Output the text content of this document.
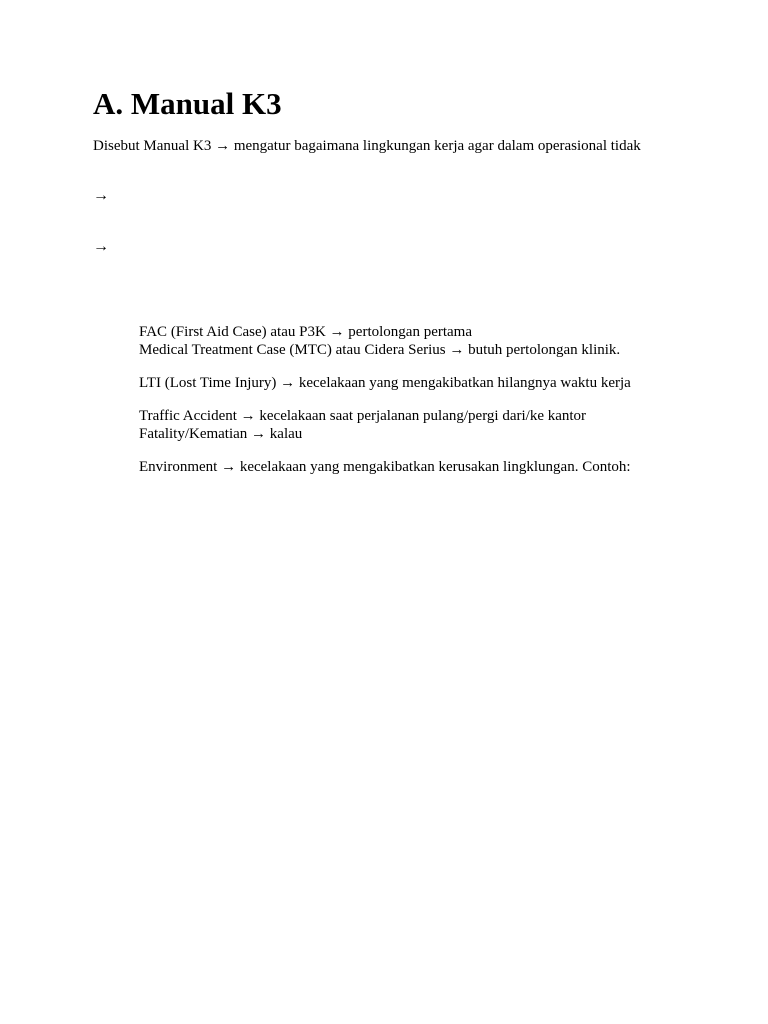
A. Manual K3

Disebut Manual K3 → mengatur bagaimana lingkungan kerja agar dalam operasional tidak

→

→

FAC (First Aid Case) atau P3K → pertolongan pertama

Medical Treatment Case (MTC) atau Cidera Serius → butuh pertolongan klinik.

LTI (Lost Time Injury) → kecelakaan yang mengakibatkan hilangnya waktu kerja

Traffic Accident → kecelakaan saat perjalanan pulang/pergi dari/ke kantor

Fatality/Kematian → kalau

Environment → kecelakaan yang mengakibatkan kerusakan lingklungan. Contoh:
